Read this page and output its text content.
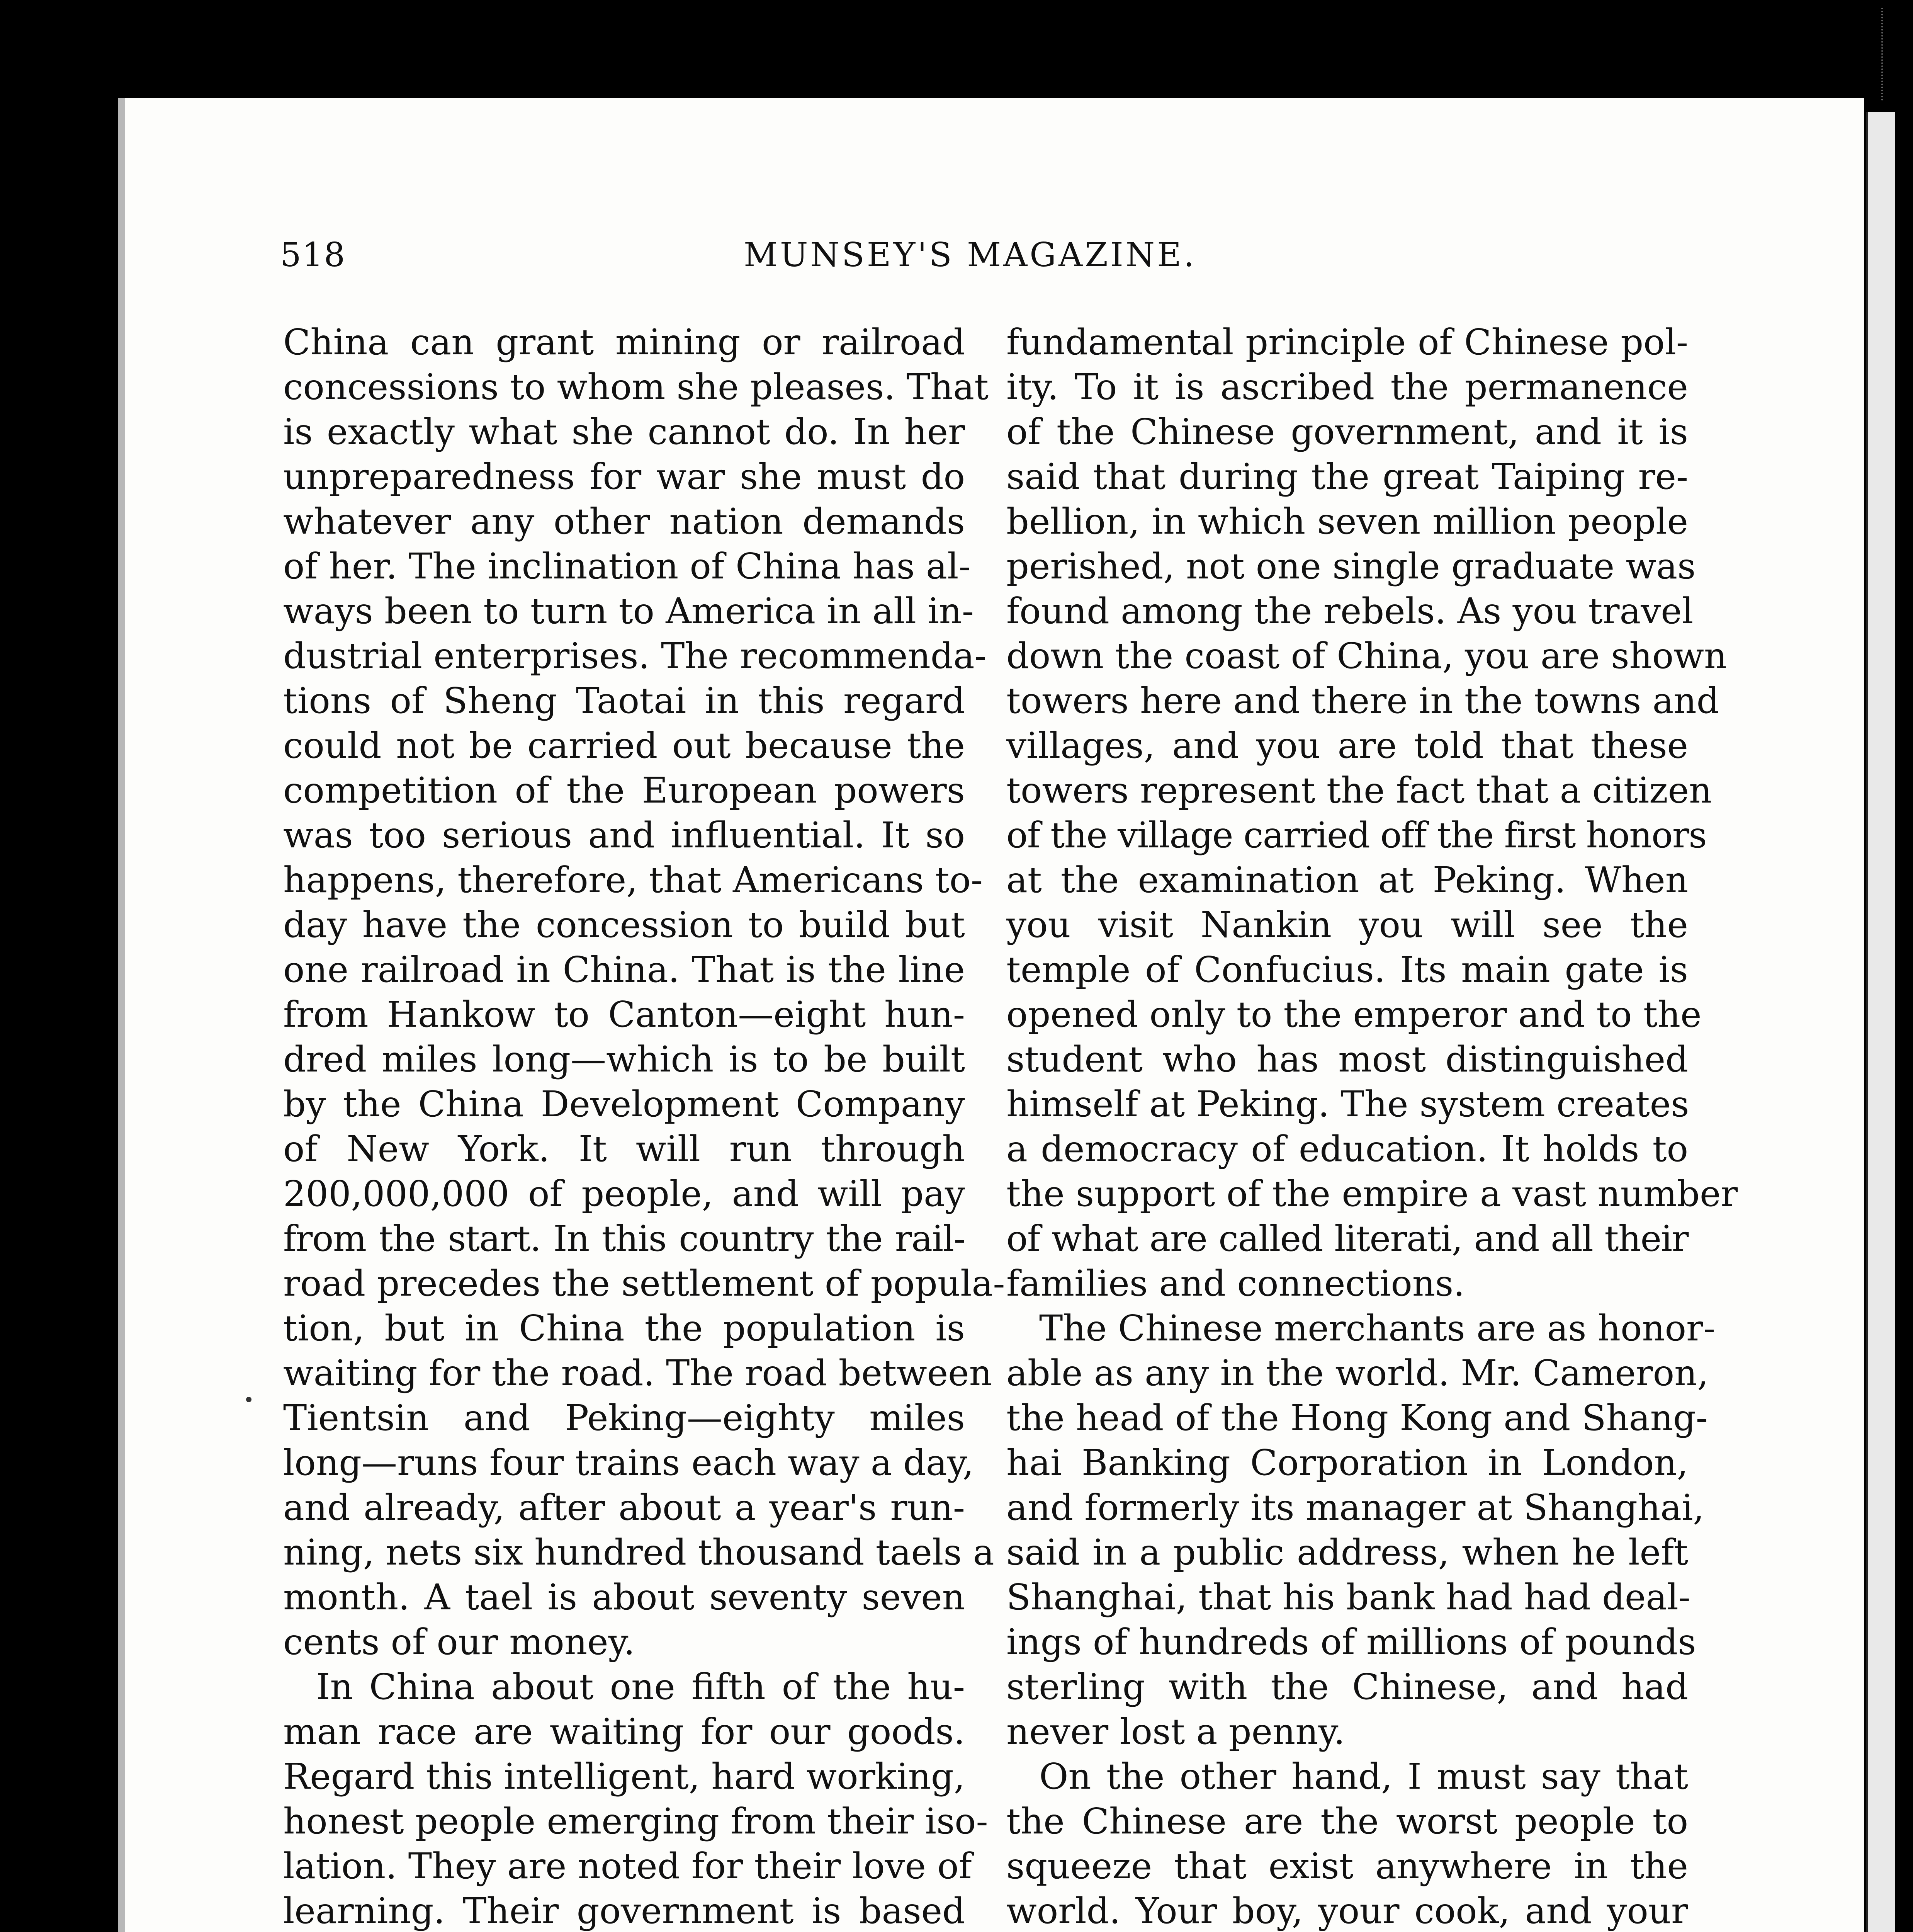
518	MUNSEY'S MAGAZINE.
China can grant mining or railroad
concessions to whom she pleases. That
is exactly what she cannot do. In her
unpreparedness for war she must do
whatever any other nation demands
of her. The inclination of China has al-
ways been to turn to America in all in-
dustrial enterprises. The recommenda-
tions of Sheng Taotai in this regard
could not be carried out because the
competition of the European powers
was too serious and influential. It so
happens, therefore, that Americans to-
day have the concession to build but
one railroad in China. That is the line
from Hankow to Canton—eight hun-
dred miles long—which is to be built
by the China Development Company
of New York. It will run through
200,000,000 of people, and will pay
from the start. In this country the rail-
road precedes the settlement of popula-
tion, but in China the population is
waiting for the road. The road between
Tientsin and Peking—eighty miles
long—runs four trains each way a day,
and already, after about a year's run-
ning, nets six hundred thousand taels a
month. A tael is about seventy seven
cents of our money.
In China about one fifth of the hu-
man race are waiting for our goods.
Regard this intelligent, hard working,
honest people emerging from their iso-
lation. They are noted for their love of
learning. Their government is based
fundamental principle of Chinese pol-
ity. To it is ascribed the permanence
of the Chinese government, and it is
said that during the great Taiping re-
bellion, in which seven million people
perished, not one single graduate was
found among the rebels. As you travel
down the coast of China, you are shown
towers here and there in the towns and
villages, and you are told that these
towers represent the fact that a citizen
of the village carried off the first honors
at the examination at Peking. When
you visit Nankin you will see the
temple of Confucius. Its main gate is
opened only to the emperor and to the
student who has most distinguished
himself at Peking. The system creates
a democracy of education. It holds to
the support of the empire a vast number
of what are called literati, and all their
families and connections.
The Chinese merchants are as honor-
able as any in the world. Mr. Cameron,
the head of the Hong Kong and Shang-
hai Banking Corporation in London,
and formerly its manager at Shanghai,
said in a public address, when he left
Shanghai, that his bank had had deal-
ings of hundreds of millions of pounds
sterling with the Chinese, and had
never lost a penny.
On the other hand, I must say that
the Chinese are the worst people to
squeeze that exist anywhere in the
world. Your boy, your cook, and your
